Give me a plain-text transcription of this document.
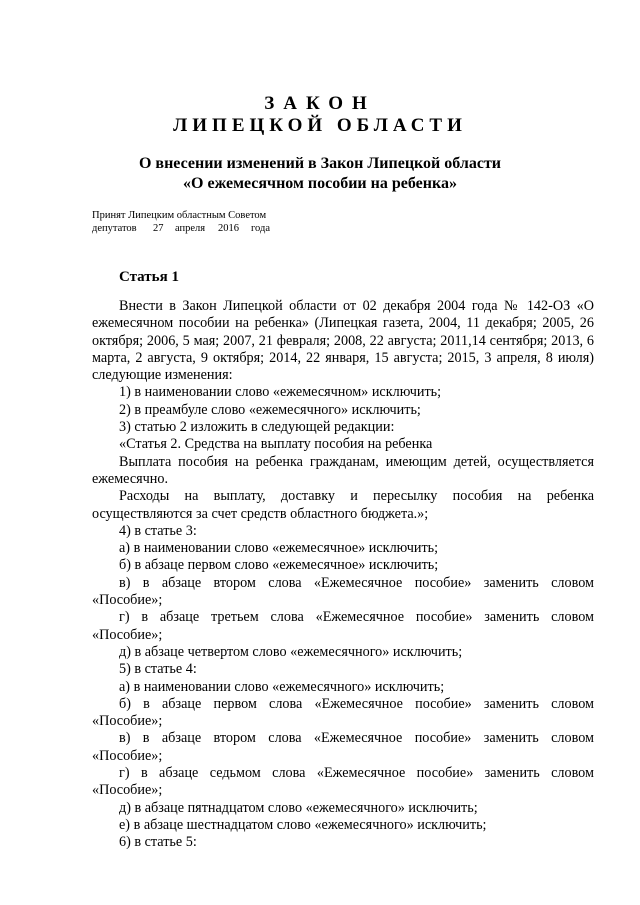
ЗАКОН
ЛИПЕЦКОЙ ОБЛАСТИ
О внесении изменений в Закон Липецкой области
«О ежемесячном пособии на ребенка»
Принят Липецким областным Советом
депутатов 27 апреля 2016 года
Статья 1

Внести в Закон Липецкой области от 02 декабря 2004 года № 142-ОЗ «О ежемесячном пособии на ребенка» (Липецкая газета, 2004, 11 декабря; 2005, 26 октября; 2006, 5 мая; 2007, 21 февраля; 2008, 22 августа; 2011,14 сентября; 2013, 6 марта, 2 августа, 9 октября; 2014, 22 января, 15 августа; 2015, 3 апреля, 8 июля) следующие изменения:

1) в наименовании слово «ежемесячном» исключить;

2) в преамбуле слово «ежемесячного» исключить;

3) статью 2 изложить в следующей редакции:

«Статья 2. Средства на выплату пособия на ребенка

Выплата пособия на ребенка гражданам, имеющим детей, осуществляется ежемесячно.

Расходы на выплату, доставку и пересылку пособия на ребенка осуществляются за счет средств областного бюджета.»;

4) в статье 3:

а) в наименовании слово «ежемесячное» исключить;

б) в абзаце первом слово «ежемесячное» исключить;

в) в абзаце втором слова «Ежемесячное пособие» заменить словом «Пособие»;

г) в абзаце третьем слова «Ежемесячное пособие» заменить словом «Пособие»;

д) в абзаце четвертом слово «ежемесячного» исключить;

5) в статье 4:

а) в наименовании слово «ежемесячного» исключить;

б) в абзаце первом слова «Ежемесячное пособие» заменить словом «Пособие»;

в) в абзаце втором слова «Ежемесячное пособие» заменить словом «Пособие»;

г) в абзаце седьмом слова «Ежемесячное пособие» заменить словом «Пособие»;

д) в абзаце пятнадцатом слово «ежемесячного» исключить;

е) в абзаце шестнадцатом слово «ежемесячного» исключить;

6) в статье 5:
